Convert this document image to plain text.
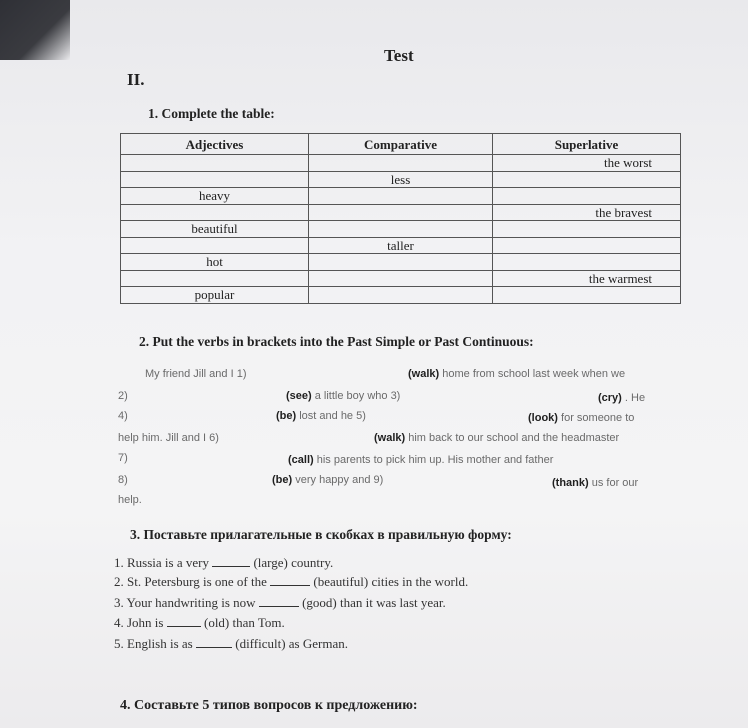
Test
II.
1. Complete the table:
Adjectives	Comparative	Superlative
		the worst
	less	
heavy		
		the bravest
beautiful		
	taller	
hot		
		the warmest
popular		
2. Put the verbs in brackets into the Past Simple or Past Continuous:
My friend Jill and I 1)	(walk) home from school last week when we
2)	(see) a little boy who 3)	(cry) . He
4)	(be) lost and he 5)	(look) for someone to
help him. Jill and I 6)	(walk) him back to our school and the headmaster
7)	(call) his parents to pick him up. His mother and father
8)	(be) very happy and 9)	(thank) us for our
help.
3. Поставьте прилагательные в скобках в правильную форму:
1. Russia is a very	(large) country.
2. St. Petersburg is one of the	(beautiful) cities in the world.
3. Your handwriting is now	(good) than it was last year.
4. John is	(old) than Tom.
5. English is as	(difficult) as German.
4. Составьте 5 типов вопросов к предложению:
